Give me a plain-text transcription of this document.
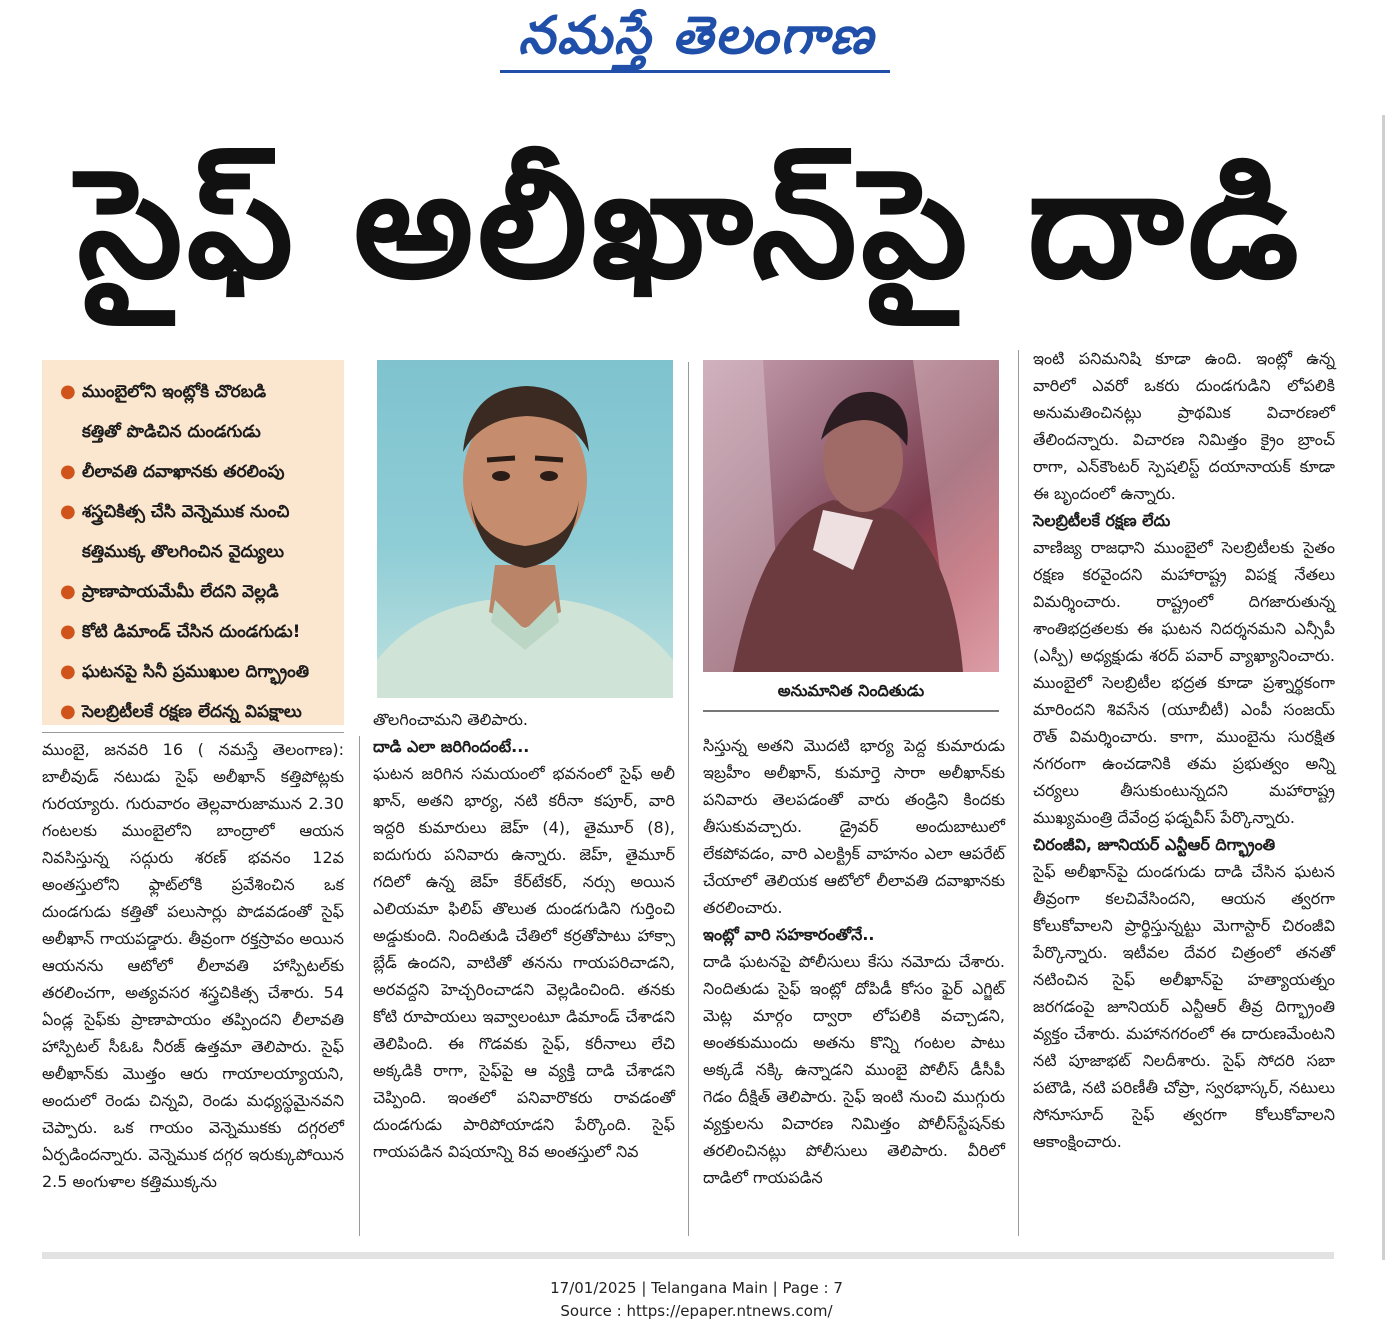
నమస్తే తెలంగాణ
సైఫ్ అలీఖాన్‌పై దాడి
● ముంబైలోని ఇంట్లోకి చొరబడి
కత్తితో పొడిచిన దుండగుడు
● లీలావతి దవాఖానకు తరలింపు
● శస్త్రచికిత్స చేసి వెన్నెముక నుంచి
కత్తిముక్క తొలగించిన వైద్యులు
● ప్రాణాపాయమేమీ లేదని వెల్లడి
● కోటి డిమాండ్ చేసిన దుండగుడు!
● ఘటనపై సినీ ప్రముఖుల దిగ్భ్రాంతి
● సెలబ్రిటీలకే రక్షణ లేదన్న విపక్షాలు
అనుమానిత నిందితుడు

ముంబై, జనవరి 16 ( నమస్తే తెలంగాణ): బాలీవుడ్ నటుడు సైఫ్ అలీఖాన్ కత్తిపోట్లకు గురయ్యారు. గురువారం తెల్లవారుజామున 2.30 గంటలకు ముంబైలోని బాంద్రాలో ఆయన నివసిస్తున్న సద్గురు శరణ్ భవనం 12వ అంతస్తులోని ఫ్లాట్‌లోకి ప్రవేశించిన ఒక దుండగుడు కత్తితో పలుసార్లు పొడవడంతో సైఫ్ అలీఖాన్ గాయపడ్డారు. తీవ్రంగా రక్తస్రావం అయిన ఆయనను ఆటోలో లీలావతి హాస్పిటల్‌కు తరలించగా, అత్యవసర శస్త్రచికిత్స చేశారు. 54 ఏండ్ల సైఫ్‌కు ప్రాణాపాయం తప్పిందని లీలావతి హాస్పిటల్ సీఓఓ నీరజ్ ఉత్తమా తెలిపారు. సైఫ్ అలీఖాన్‌కు మొత్తం ఆరు గాయాలయ్యాయని, అందులో రెండు చిన్నవి, రెండు మధ్యస్థమైనవని చెప్పారు. ఒక గాయం వెన్నెముకకు దగ్గరలో ఏర్పడిందన్నారు. వెన్నెముక దగ్గర ఇరుక్కుపోయిన 2.5 అంగుళాల కత్తిముక్కను

తొలగించామని తెలిపారు.

దాడి ఎలా జరిగిందంటే...

ఘటన జరిగిన సమయంలో భవనంలో సైఫ్ అలీ ఖాన్, అతని భార్య, నటి కరీనా కపూర్, వారి ఇద్దరి కుమారులు జెహ్ (4), తైమూర్ (8), ఐదుగురు పనివారు ఉన్నారు. జెహ్, తైమూర్ గదిలో ఉన్న జెహ్ కేర్‌టేకర్, నర్సు అయిన ఎలియమా ఫిలిప్ తొలుత దుండగుడిని గుర్తించి అడ్డుకుంది. నిందితుడి చేతిలో కర్రతోపాటు హాక్సా బ్లేడ్ ఉందని, వాటితో తనను గాయపరిచాడని, అరవద్దని హెచ్చరించాడని వెల్లడించింది. తనకు కోటి రూపాయలు ఇవ్వాలంటూ డిమాండ్ చేశాడని తెలిపింది. ఈ గొడవకు సైఫ్, కరీనాలు లేచి అక్కడికి రాగా, సైఫ్‌పై ఆ వ్యక్తి దాడి చేశాడని చెప్పింది. ఇంతలో పనివారొకరు రావడంతో దుండగుడు పారిపోయాడని పేర్కొంది. సైఫ్ గాయపడిన విషయాన్ని 8వ అంతస్తులో నివ

సిస్తున్న అతని మొదటి భార్య పెద్ద కుమారుడు ఇబ్రహీం అలీఖాన్, కుమార్తె సారా అలీఖాన్‌కు పనివారు తెలపడంతో వారు తండ్రిని కిందకు తీసుకువచ్చారు. డ్రైవర్ అందుబాటులో లేకపోవడం, వారి ఎలక్ట్రిక్ వాహనం ఎలా ఆపరేట్ చేయాలో తెలియక ఆటోలో లీలావతి దవాఖానకు తరలించారు.

ఇంట్లో వారి సహకారంతోనే..

దాడి ఘటనపై పోలీసులు కేసు నమోదు చేశారు. నిందితుడు సైఫ్ ఇంట్లో దోపిడీ కోసం ఫైర్ ఎగ్జిట్ మెట్ల మార్గం ద్వారా లోపలికి వచ్చాడని, అంతకుముందు అతను కొన్ని గంటల పాటు అక్కడే నక్కి ఉన్నాడని ముంబై పోలీస్ డీసీపీ గెడం దీక్షిత్ తెలిపారు. సైఫ్ ఇంటి నుంచి ముగ్గురు వ్యక్తులను విచారణ నిమిత్తం పోలీస్‌స్టేషన్‌కు తరలించినట్లు పోలీసులు తెలిపారు. వీరిలో దాడిలో గాయపడిన

ఇంటి పనిమనిషి కూడా ఉంది. ఇంట్లో ఉన్న వారిలో ఎవరో ఒకరు దుండగుడిని లోపలికి అనుమతించినట్లు ప్రాథమిక విచారణలో తేలిందన్నారు. విచారణ నిమిత్తం క్రైం బ్రాంచ్ రాగా, ఎన్‌కౌంటర్ స్పెషలిస్ట్ దయానాయక్ కూడా ఈ బృందంలో ఉన్నారు.

సెలబ్రిటీలకే రక్షణ లేదు

వాణిజ్య రాజధాని ముంబైలో సెలబ్రిటీలకు సైతం రక్షణ కరవైందని మహారాష్ట్ర విపక్ష నేతలు విమర్శించారు. రాష్ట్రంలో దిగజారుతున్న శాంతిభద్రతలకు ఈ ఘటన నిదర్శనమని ఎన్సీపీ (ఎస్పీ) అధ్యక్షుడు శరద్ పవార్ వ్యాఖ్యానించారు. ముంబైలో సెలబ్రిటీల భద్రత కూడా ప్రశ్నార్థకంగా మారిందని శివసేన (యూబీటీ) ఎంపీ సంజయ్ రౌత్ విమర్శించారు. కాగా, ముంబైను సురక్షిత నగరంగా ఉంచడానికి తమ ప్రభుత్వం అన్ని చర్యలు తీసుకుంటున్నదని మహారాష్ట్ర ముఖ్యమంత్రి దేవేంద్ర ఫడ్నవీస్ పేర్కొన్నారు.

చిరంజీవి, జూనియర్ ఎన్టీఆర్ దిగ్భ్రాంతి

సైఫ్ అలీఖాన్‌పై దుండగుడు దాడి చేసిన ఘటన తీవ్రంగా కలచివేసిందని, ఆయన త్వరగా కోలుకోవాలని ప్రార్థిస్తున్నట్టు మెగాస్టార్ చిరంజీవి పేర్కొన్నారు. ఇటీవల దేవర చిత్రంలో తనతో నటించిన సైఫ్ అలీఖాన్‌పై హత్యాయత్నం జరగడంపై జూనియర్ ఎన్టీఆర్ తీవ్ర దిగ్భ్రాంతి వ్యక్తం చేశారు. మహానగరంలో ఈ దారుణమేంటని నటి పూజాభట్ నిలదీశారు. సైఫ్ సోదరి సబా పటౌడి, నటి పరిణీతీ చోప్రా, స్వరభాస్కర్, నటులు సోనూసూద్ సైఫ్ త్వరగా కోలుకోవాలని ఆకాంక్షించారు.

17/01/2025 | Telangana Main | Page : 7
Source : https://epaper.ntnews.com/
